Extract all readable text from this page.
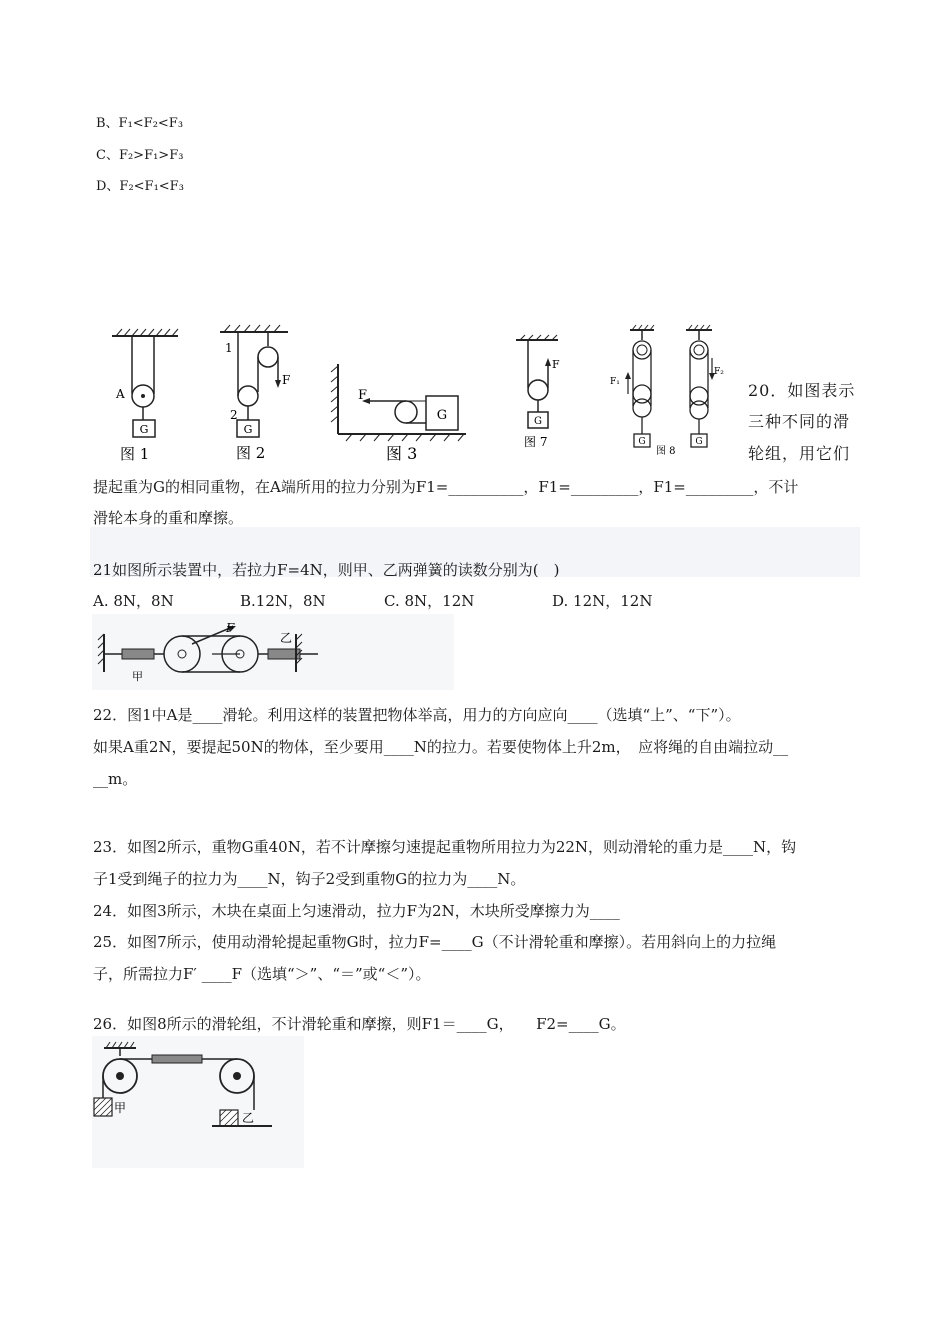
B、F₁<F₂<F₃
C、F₂>F₁>F₃
D、F₂<F₁<F₃
G
A
图 1
G
1
2
F
图 2
G
F
图 3
G
F
图 7	G
F₁
G
F₂
图 8
20．如图表示
三种不同的滑
轮组，用它们
提起重为G的相同重物，在A端所用的拉力分别为F1=__________，F1=_________，F1=_________，不计
滑轮本身的重和摩擦。
21如图所示装置中，若拉力F=4N，则甲、乙两弹簧的读数分别为(　)
A. 8N，8N	B.12N，8N	C. 8N，12N	D. 12N，12N
F
甲
乙
22．图1中A是____滑轮。利用这样的装置把物体举高，用力的方向应向____（选填“上”、“下”）。
如果A重2N，要提起50N的物体，至少要用____N的拉力。若要使物体上升2m，　应将绳的自由端拉动__
__m。
23．如图2所示，重物G重40N，若不计摩擦匀速提起重物所用拉力为22N，则动滑轮的重力是____N，钩
子1受到绳子的拉力为____N，钩子2受到重物G的拉力为____N。
24．如图3所示，木块在桌面上匀速滑动，拉力F为2N，木块所受摩擦力为____
25．如图7所示，使用动滑轮提起重物G时，拉力F=____G（不计滑轮重和摩擦）。若用斜向上的力拉绳
子，所需拉力F′ ____F（选填“＞”、“＝”或“＜”）。
26．如图8所示的滑轮组，不计滑轮重和摩擦，则F1＝____G，　　F2=____G。
甲
乙
